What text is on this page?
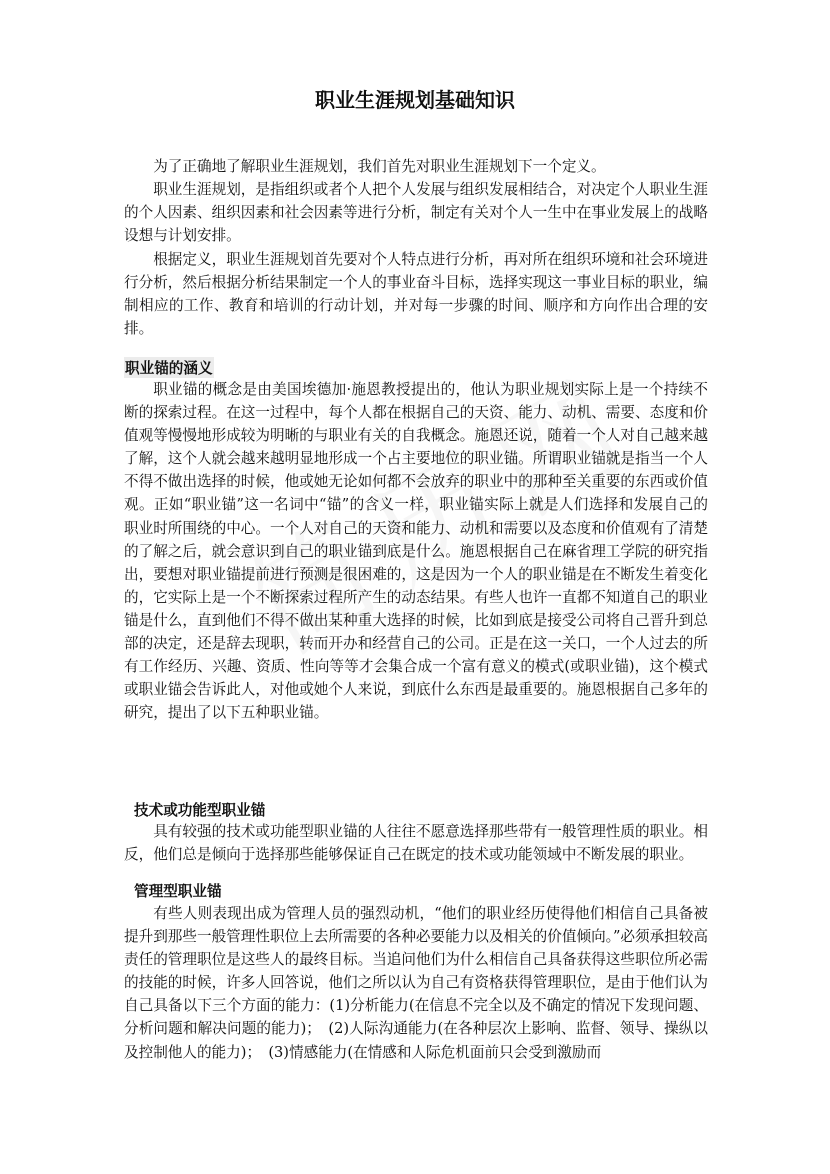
职业生涯规划基础知识
为了正确地了解职业生涯规划，我们首先对职业生涯规划下一个定义。
职业生涯规划，是指组织或者个人把个人发展与组织发展相结合，对决定个人职业生涯的个人因素、组织因素和社会因素等进行分析，制定有关对个人一生中在事业发展上的战略设想与计划安排。
根据定义，职业生涯规划首先要对个人特点进行分析，再对所在组织环境和社会环境进行分析，然后根据分析结果制定一个人的事业奋斗目标，选择实现这一事业目标的职业，编制相应的工作、教育和培训的行动计划，并对每一步骤的时间、顺序和方向作出合理的安排。
职业锚的涵义
职业锚的概念是由美国埃德加·施恩教授提出的，他认为职业规划实际上是一个持续不断的探索过程。在这一过程中，每个人都在根据自己的天资、能力、动机、需要、态度和价值观等慢慢地形成较为明晰的与职业有关的自我概念。施恩还说，随着一个人对自己越来越了解，这个人就会越来越明显地形成一个占主要地位的职业锚。所谓职业锚就是指当一个人不得不做出选择的时候，他或她无论如何都不会放弃的职业中的那种至关重要的东西或价值观。正如“职业锚”这一名词中“锚”的含义一样，职业锚实际上就是人们选择和发展自己的职业时所围绕的中心。一个人对自己的天资和能力、动机和需要以及态度和价值观有了清楚的了解之后，就会意识到自己的职业锚到底是什么。施恩根据自己在麻省理工学院的研究指出，要想对职业锚提前进行预测是很困难的，这是因为一个人的职业锚是在不断发生着变化的，它实际上是一个不断探索过程所产生的动态结果。有些人也许一直都不知道自己的职业锚是什么，直到他们不得不做出某种重大选择的时候，比如到底是接受公司将自己晋升到总部的决定，还是辞去现职，转而开办和经营自己的公司。正是在这一关口，一个人过去的所有工作经历、兴趣、资质、性向等等才会集合成一个富有意义的模式(或职业锚)，这个模式或职业锚会告诉此人，对他或她个人来说，到底什么东西是最重要的。施恩根据自己多年的研究，提出了以下五种职业锚。
技术或功能型职业锚
具有较强的技术或功能型职业锚的人往往不愿意选择那些带有一般管理性质的职业。相反，他们总是倾向于选择那些能够保证自己在既定的技术或功能领域中不断发展的职业。
管理型职业锚
有些人则表现出成为管理人员的强烈动机，“他们的职业经历使得他们相信自己具备被提升到那些一般管理性职位上去所需要的各种必要能力以及相关的价值倾向。”必须承担较高责任的管理职位是这些人的最终目标。当追问他们为什么相信自己具备获得这些职位所必需的技能的时候，许多人回答说，他们之所以认为自己有资格获得管理职位，是由于他们认为自己具备以下三个方面的能力：(1)分析能力(在信息不完全以及不确定的情况下发现问题、分析问题和解决问题的能力)；　(2)人际沟通能力(在各种层次上影响、监督、领导、操纵以及控制他人的能力)；　(3)情感能力(在情感和人际危机面前只会受到激励而
